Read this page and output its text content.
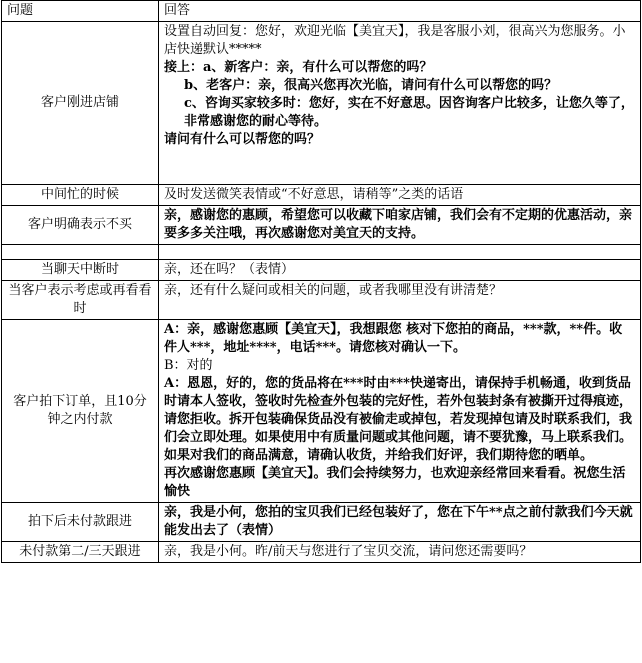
问题	回答
客户刚进店铺	设置自动回复：您好，欢迎光临【美宜天】，我是客服小刘，很高兴为您服务。小店快递默认*****

接上：a、新客户：亲，有什么可以帮您的吗？

b、老客户：亲，很高兴您再次光临，请问有什么可以帮您的吗？

c、咨询买家较多时：您好，实在不好意思。因咨询客户比较多，让您久等了，非常感谢您的耐心等待。

请问有什么可以帮您的吗？

中间忙的时候	及时发送微笑表情或“不好意思，请稍等”之类的话语
客户明确表示不买	亲，感谢您的惠顾，希望您可以收藏下咱家店铺，我们会有不定期的优惠活动，亲要多多关注哦，再次感谢您对美宜天的支持。

当聊天中断时	亲，还在吗？（表情）
当客户表示考虑或再看看时	亲，还有什么疑问或相关的问题，或者我哪里没有讲清楚？
客户拍下订单，且10分钟之内付款	A：亲，感谢您惠顾【美宜天】，我想跟您 核对下您拍的商品，***款，**件。收件人***，地址****，电话***。请您核对确认一下。

B：对的

A：恩恩，好的，您的货品将在***时由***快递寄出，请保持手机畅通，收到货品时请本人签收，签收时先检查外包装的完好性，若外包装封条有被撕开过得痕迹，请您拒收。拆开包装确保货品没有被偷走或掉包，若发现掉包请及时联系我们，我们会立即处理。如果使用中有质量问题或其他问题，请不要犹豫，马上联系我们。如果对我们的商品满意，请确认收货，并给我们好评，我们期待您的晒单。

再次感谢您惠顾【美宜天】。我们会持续努力，也欢迎亲经常回来看看。祝您生活愉快

拍下后未付款跟进	亲，我是小何，您拍的宝贝我们已经包装好了，您在下午**点之前付款我们今天就能发出去了（表情）
未付款第二/三天跟进	亲，我是小何。昨/前天与您进行了宝贝交流，请问您还需要吗？
